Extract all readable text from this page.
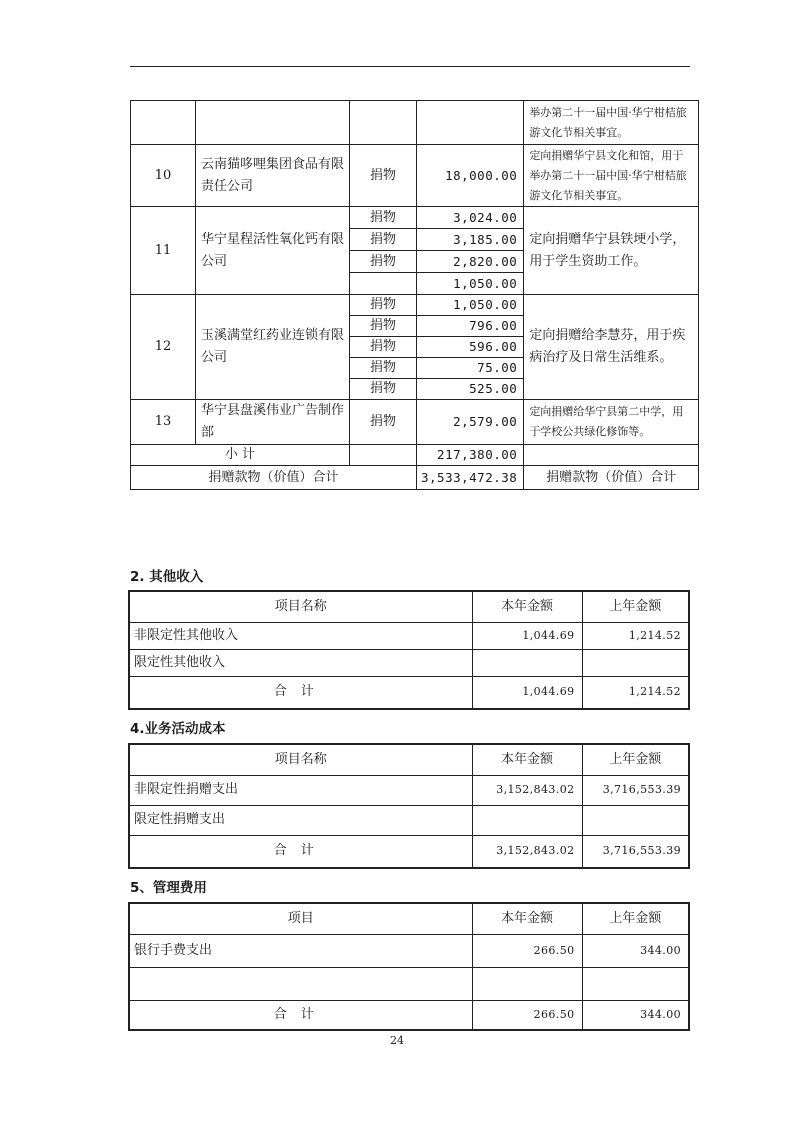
				举办第二十一届中国·华宁柑桔旅游文化节相关事宜。
10	云南猫哆哩集团食品有限责任公司	捐物	18,000.00	定向捐赠华宁县文化和馆，用于举办第二十一届中国·华宁柑桔旅游文化节相关事宜。
11	华宁星程活性氧化钙有限公司	捐物	3,024.00	定向捐赠华宁县铁埂小学，用于学生资助工作。
		捐物	3,185.00	
		捐物	2,820.00	
			1,050.00	
12	玉溪满堂红药业连锁有限公司	捐物	1,050.00	定向捐赠给李慧芬，用于疾病治疗及日常生活维系。
		捐物	796.00	
		捐物	596.00	
		捐物	75.00	
		捐物	525.00	
13	华宁县盘溪伟业广告制作部	捐物	2,579.00	定向捐赠给华宁县第二中学，用于学校公共绿化修饰等。
小 计			217,380.00	
捐赠款物（价值）合计			3,533,472.38	捐赠款物（价值）合计
2. 其他收入
项目名称	本年金额	上年金额
非限定性其他收入	1,044.69	1,214.52
限定性其他收入		
合计	1,044.69	1,214.52
4.业务活动成本
项目名称	本年金额	上年金额
非限定性捐赠支出	3,152,843.02	3,716,553.39
限定性捐赠支出		
合计	3,152,843.02	3,716,553.39
5、管理费用
项目	本年金额	上年金额
银行手费支出	266.50	344.00

合计	266.50	344.00
24
